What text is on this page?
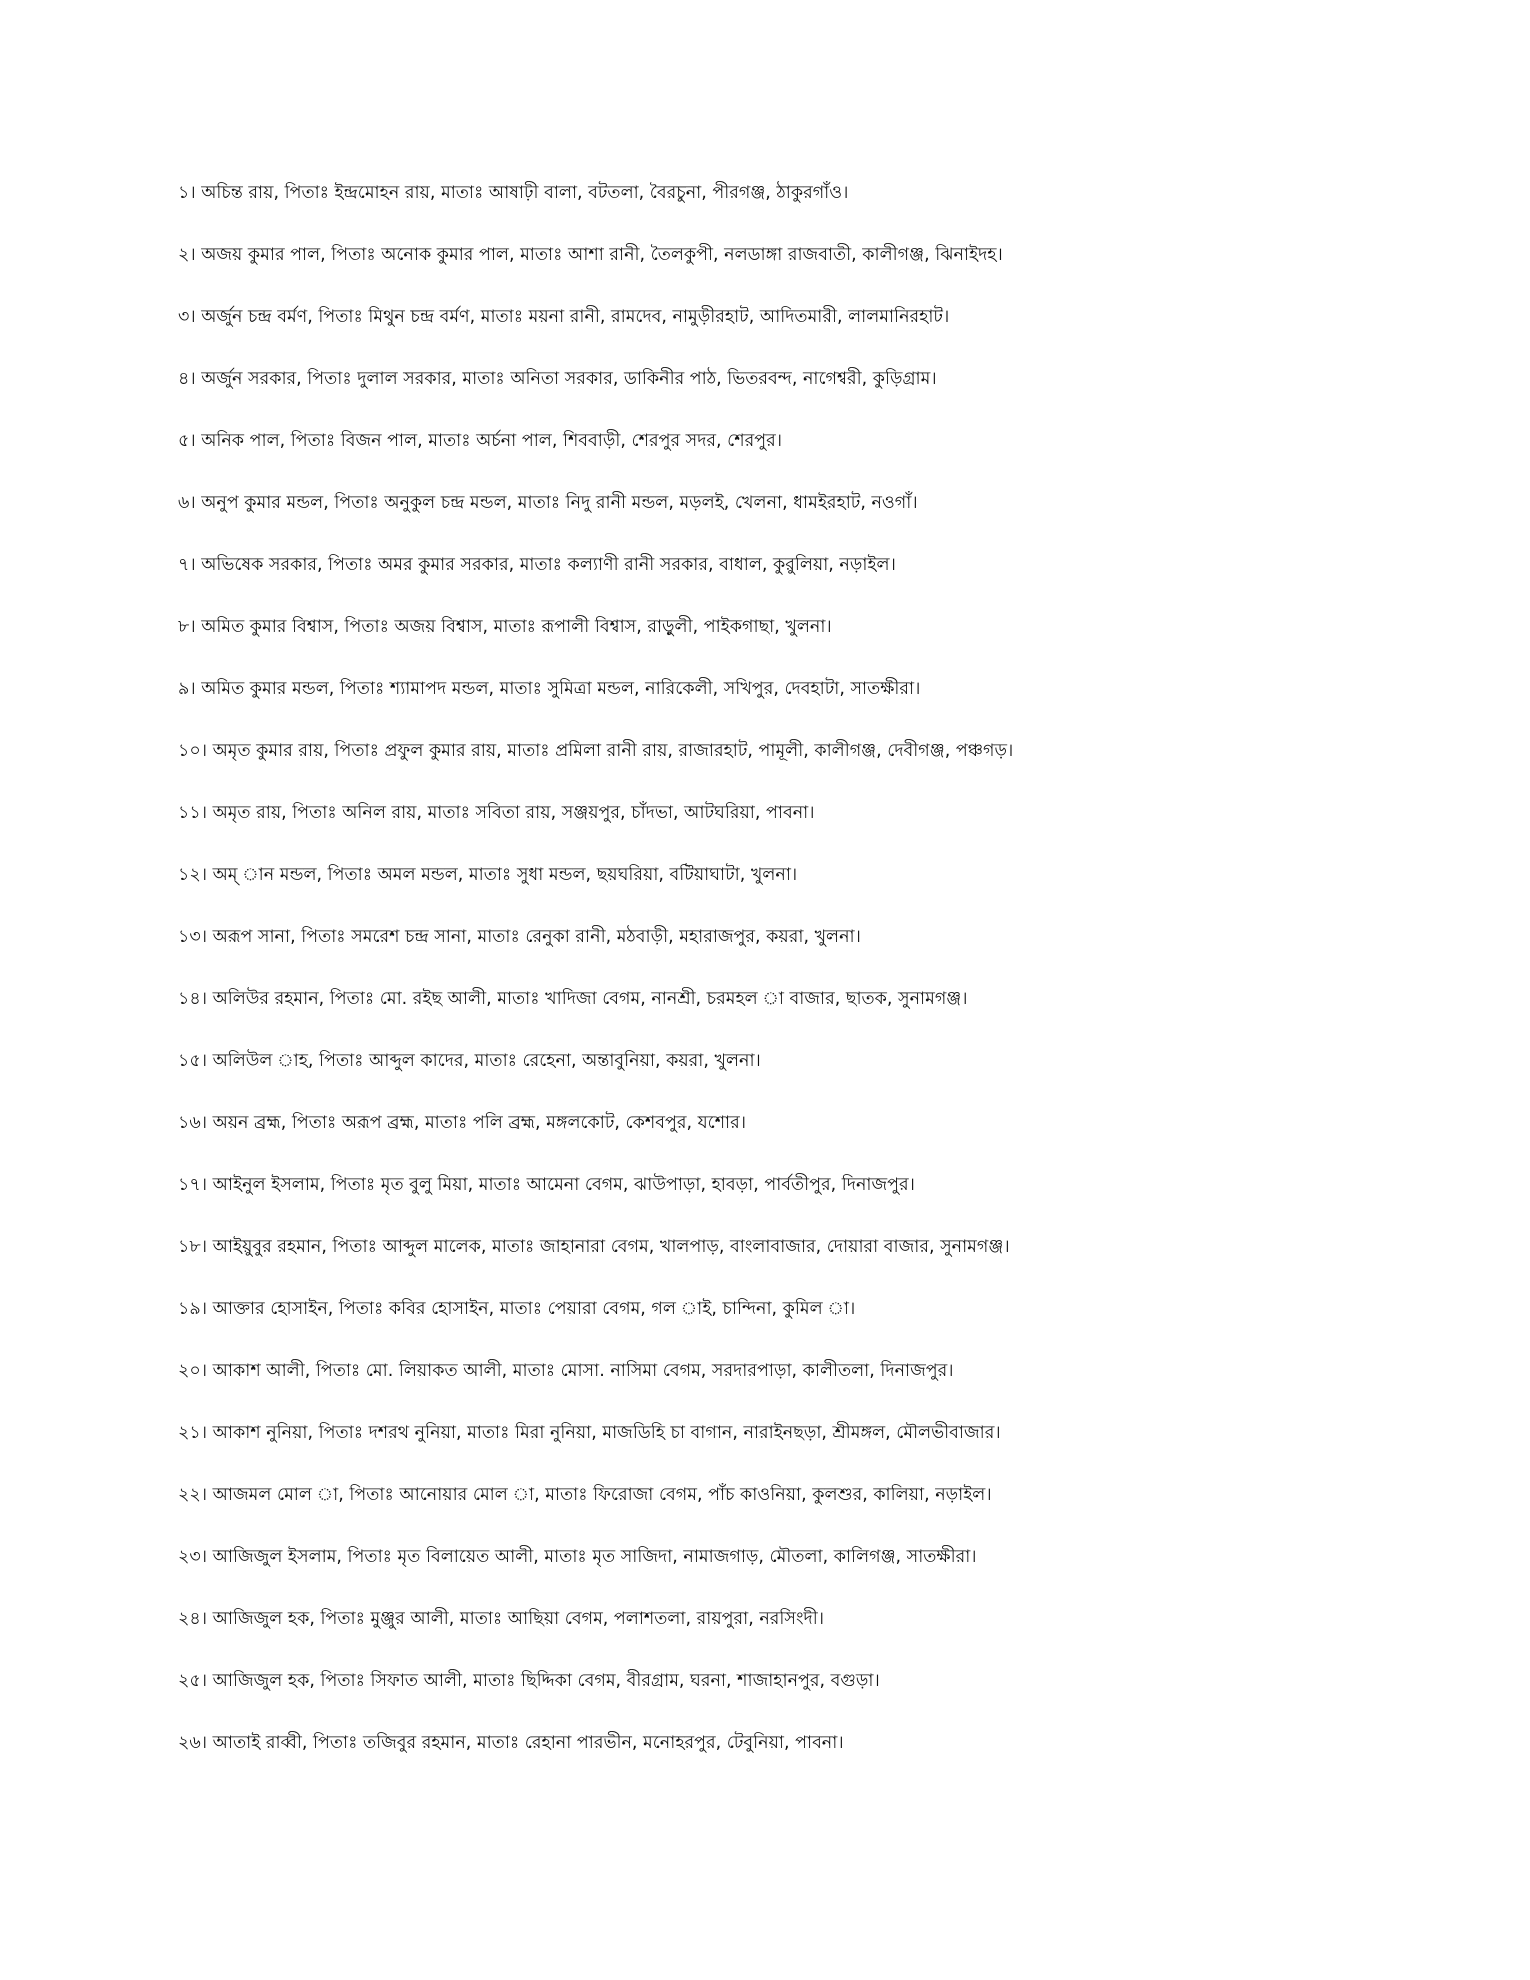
১। অচিন্ত রায়, পিতাঃ ইন্দ্রমোহন রায়, মাতাঃ আষাঢ়ী বালা, বটতলা, বৈরচুনা, পীরগঞ্জ, ঠাকুরগাঁও।
২। অজয় কুমার পাল, পিতাঃ অনোক কুমার পাল, মাতাঃ আশা রানী, তৈলকুপী, নলডাঙ্গা রাজবাতী, কালীগঞ্জ, ঝিনাইদহ।
৩। অর্জুন চন্দ্র বর্মণ, পিতাঃ মিথুন চন্দ্র বর্মণ, মাতাঃ ময়না রানী, রামদেব, নামুড়ীরহাট, আদিতমারী, লালমানিরহাট।
৪। অর্জুন সরকার, পিতাঃ দুলাল সরকার, মাতাঃ অনিতা সরকার, ডাকিনীর পাঠ, ভিতরবন্দ, নাগেশ্বরী, কুড়িগ্রাম।
৫। অনিক পাল, পিতাঃ বিজন পাল, মাতাঃ অর্চনা পাল, শিববাড়ী, শেরপুর সদর, শেরপুর।
৬। অনুপ কুমার মন্ডল, পিতাঃ অনুকুল চন্দ্র মন্ডল, মাতাঃ নিদু রানী মন্ডল, মড়লই, খেলনা, ধামইরহাট, নওগাঁ।
৭। অভিষেক সরকার, পিতাঃ অমর কুমার সরকার, মাতাঃ কল্যাণী রানী সরকার, বাধাল, কুর‍ুলিয়া, নড়াইল।
৮। অমিত কুমার বিশ্বাস, পিতাঃ অজয় বিশ্বাস, মাতাঃ রূপালী বিশ্বাস, রাড়ুলী, পাইকগাছা, খুলনা।
৯। অমিত কুমার মন্ডল, পিতাঃ শ্যামাপদ মন্ডল, মাতাঃ সুমিত্রা মন্ডল, নারিকেলী, সখিপুর, দেবহাটা, সাতক্ষীরা।
১০। অমৃত কুমার রায়, পিতাঃ প্রফুল কুমার রায়, মাতাঃ প্রমিলা রানী রায়, রাজারহাট, পামূলী, কালীগঞ্জ, দেবীগঞ্জ, পঞ্চগড়।
১১। অমৃত রায়, পিতাঃ অনিল রায়, মাতাঃ সবিতা রায়, সঞ্জয়পুর, চাঁদভা, আটঘরিয়া, পাবনা।
১২। অম্ ান মন্ডল, পিতাঃ অমল মন্ডল, মাতাঃ সুধা মন্ডল, ছয়ঘরিয়া, বটিয়াঘাটা, খুলনা।
১৩। অরূপ সানা, পিতাঃ সমরেশ চন্দ্র সানা, মাতাঃ রেনুকা রানী, মঠবাড়ী, মহারাজপুর, কয়রা, খুলনা।
১৪। অলিউর রহমান, পিতাঃ মো. রইছ আলী, মাতাঃ খাদিজা বেগম, নানশ্রী, চরমহল া বাজার, ছাতক, সুনামগঞ্জ।
১৫। অলিউল াহ, পিতাঃ আব্দুল কাদের, মাতাঃ রেহেনা, অন্তাবুনিয়া, কয়রা, খুলনা।
১৬। অয়ন ব্রহ্ম, পিতাঃ অরূপ ব্রহ্ম, মাতাঃ পলি ব্রহ্ম, মঙ্গলকোট, কেশবপুর, যশোর।
১৭। আইনুল ইসলাম, পিতাঃ মৃত বুলু মিয়া, মাতাঃ আমেনা বেগম, ঝাউপাড়া, হাবড়া, পার্বতীপুর, দিনাজপুর।
১৮। আইয়ুবুর রহমান, পিতাঃ আব্দুল মালেক, মাতাঃ জাহানারা বেগম, খালপাড়, বাংলাবাজার, দোয়ারা বাজার, সুনামগঞ্জ।
১৯। আক্তার হোসাইন, পিতাঃ কবির হোসাইন, মাতাঃ পেয়ারা বেগম, গল াই, চান্দিনা, কুমিল া।
২০। আকাশ আলী, পিতাঃ মো. লিয়াকত আলী, মাতাঃ মোসা. নাসিমা বেগম, সরদারপাড়া, কালীতলা, দিনাজপুর।
২১। আকাশ নুনিয়া, পিতাঃ দশরথ নুনিয়া, মাতাঃ মিরা নুনিয়া, মাজডিহি চা বাগান, নারাইনছড়া, শ্রীমঙ্গল, মৌলভীবাজার।
২২। আজমল মোল া, পিতাঃ আনোয়ার মোল া, মাতাঃ ফিরোজা বেগম, পাঁচ কাওনিয়া, কুলশুর, কালিয়া, নড়াইল।
২৩। আজিজুল ইসলাম, পিতাঃ মৃত বিলায়েত আলী, মাতাঃ মৃত সাজিদা, নামাজগাড়, মৌতলা, কালিগঞ্জ, সাতক্ষীরা।
২৪। আজিজুল হক, পিতাঃ মুঞ্জুর আলী, মাতাঃ আছিয়া বেগম, পলাশতলা, রায়পুরা, নরসিংদী।
২৫। আজিজুল হক, পিতাঃ সিফাত আলী, মাতাঃ ছিদ্দিকা বেগম, বীরগ্রাম, ঘরনা, শাজাহানপুর, বগুড়া।
২৬। আতাই রাব্বী, পিতাঃ তজিবুর রহমান, মাতাঃ রেহানা পারভীন, মনোহরপুর, টেবুনিয়া, পাবনা।
